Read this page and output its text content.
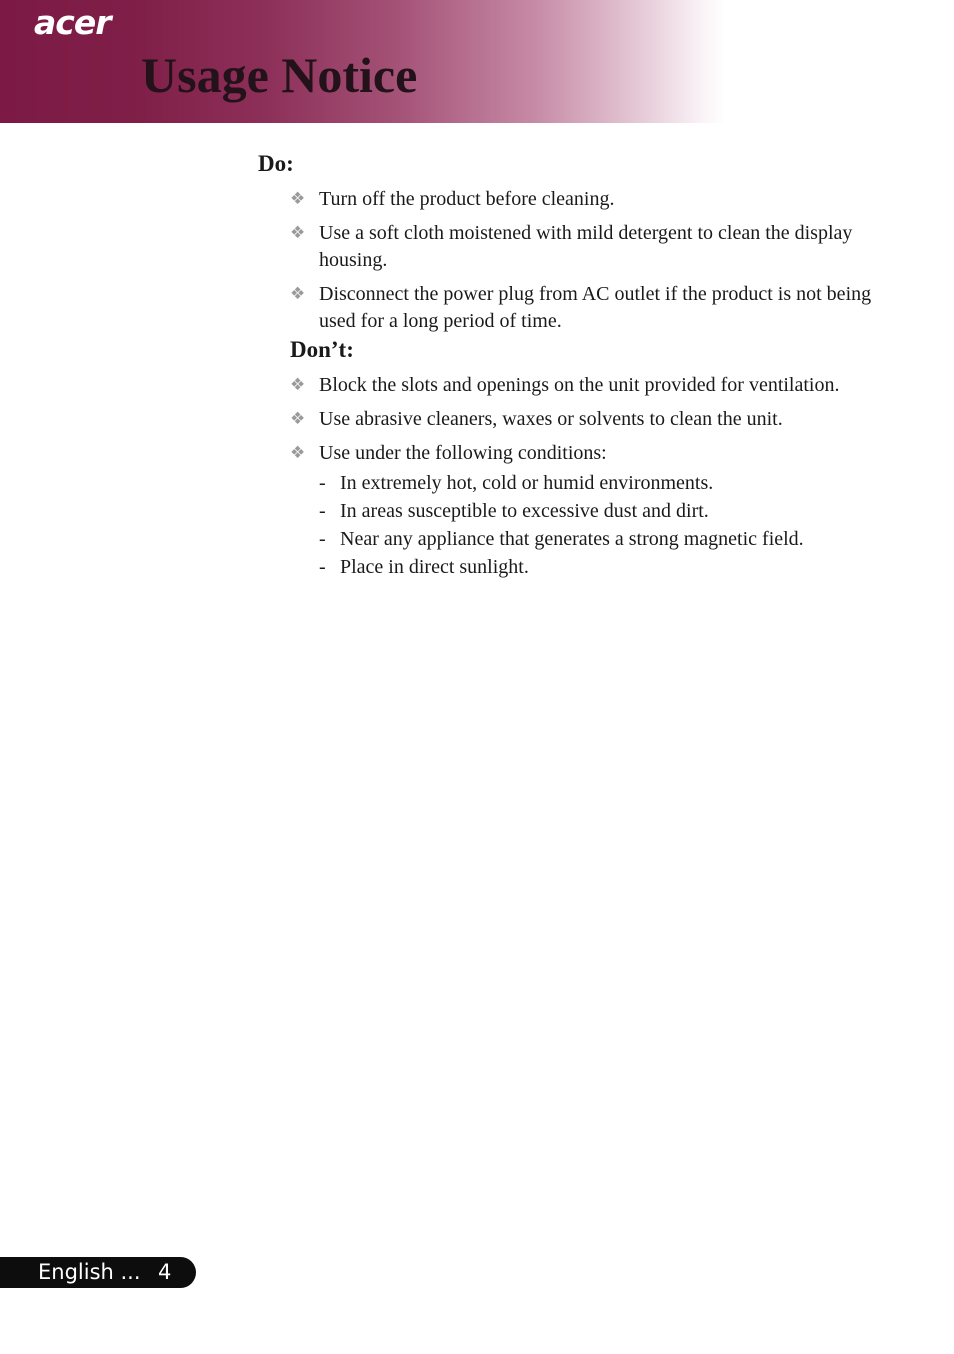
acer
Usage Notice
Do:
❖ Turn off the product before cleaning.
❖ Use a soft cloth moistened with mild detergent to clean the display housing.
❖ Disconnect the power plug from AC outlet if the product is not being used for a long period of time.
Don’t:
❖ Block the slots and openings on the unit provided for ventilation.
❖ Use abrasive cleaners, waxes or solvents to clean the unit.
❖ Use under the following conditions:
- In extremely hot, cold or humid environments.
- In areas susceptible to excessive dust and dirt.
- Near any appliance that generates a strong magnetic field.
- Place in direct sunlight.
English ... 4
